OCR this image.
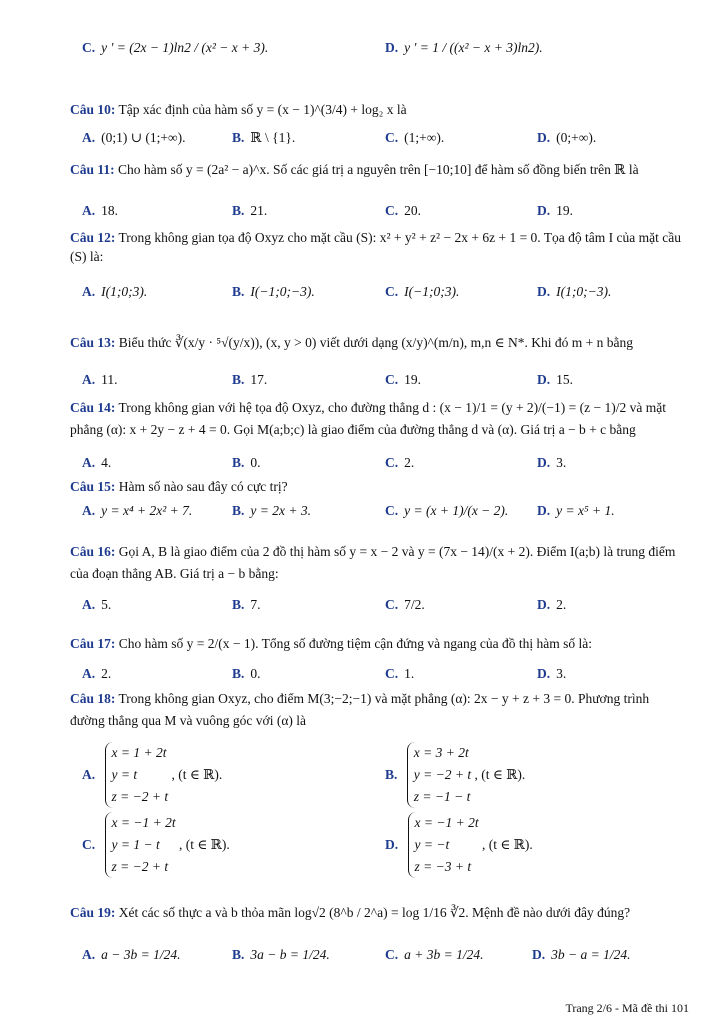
C. y ' = (2x − 1)ln2 / (x² − x + 3).	D. y ' = 1 / ((x² − x + 3)ln2).
Câu 10: Tập xác định của hàm số y = (x − 1)^(3/4) + log₂ x là
A. (0;1) ∪ (1;+∞).	B. ℝ \ {1}.	C. (1;+∞).	D. (0;+∞).
Câu 11: Cho hàm số y = (2a² − a)^x. Số các giá trị a nguyên trên [−10;10] để hàm số đồng biến trên ℝ là
A. 18.	B. 21.	C. 20.	D. 19.
Câu 12: Trong không gian tọa độ Oxyz cho mặt cầu (S): x² + y² + z² − 2x + 6z + 1 = 0. Tọa độ tâm I của mặt cầu (S) là:
A. I(1;0;3).	B. I(−1;0;−3).	C. I(−1;0;3).	D. I(1;0;−3).
Câu 13: Biểu thức ∛(x/y · ⁵√(y/x)), (x, y > 0) viết dưới dạng (x/y)^(m/n), m,n ∈ N*. Khi đó m + n bằng
A. 11.	B. 17.	C. 19.	D. 15.
Câu 14: Trong không gian với hệ tọa độ Oxyz, cho đường thẳng d : (x − 1)/1 = (y + 2)/(−1) = (z − 1)/2 và mặt phẳng (α): x + 2y − z + 4 = 0. Gọi M(a;b;c) là giao điểm của đường thẳng d và (α). Giá trị a − b + c bằng
A. 4.	B. 0.	C. 2.	D. 3.
Câu 15: Hàm số nào sau đây có cực trị?
A. y = x⁴ + 2x² + 7.	B. y = 2x + 3.	C. y = (x + 1)/(x − 2). D. y = x⁵ + 1.
Câu 16: Gọi A, B là giao điểm của 2 đồ thị hàm số y = x − 2 và y = (7x − 14)/(x + 2). Điểm I(a;b) là trung điểm của đoạn thẳng AB. Giá trị a − b bằng:
A. 5.	B. 7.	C. 7/2.	D. 2.
Câu 17: Cho hàm số y = 2/(x − 1). Tổng số đường tiệm cận đứng và ngang của đồ thị hàm số là:
A. 2.	B. 0.	C. 1.	D. 3.
Câu 18: Trong không gian Oxyz, cho điểm M(3;−2;−1) và mặt phẳng (α): 2x − y + z + 3 = 0. Phương trình đường thẳng qua M và vuông góc với (α) là
A.
x = 1 + 2t
y = t
z = −2 + t
, (t ∈ ℝ).	B.
x = 3 + 2t
y = −2 + t
z = −1 − t
, (t ∈ ℝ).
C.
x = −1 + 2t
y = 1 − t
z = −2 + t
, (t ∈ ℝ).	D.
x = −1 + 2t
y = −t
z = −3 + t
, (t ∈ ℝ).
Câu 19: Xét các số thực a và b thỏa mãn log√2 (8^b / 2^a) = log 1/16 ∛2. Mệnh đề nào dưới đây đúng?
A. a − 3b = 1/24.	B. 3a − b = 1/24.	C. a + 3b = 1/24.	D. 3b − a = 1/24.
Trang 2/6 - Mã đề thi 101
